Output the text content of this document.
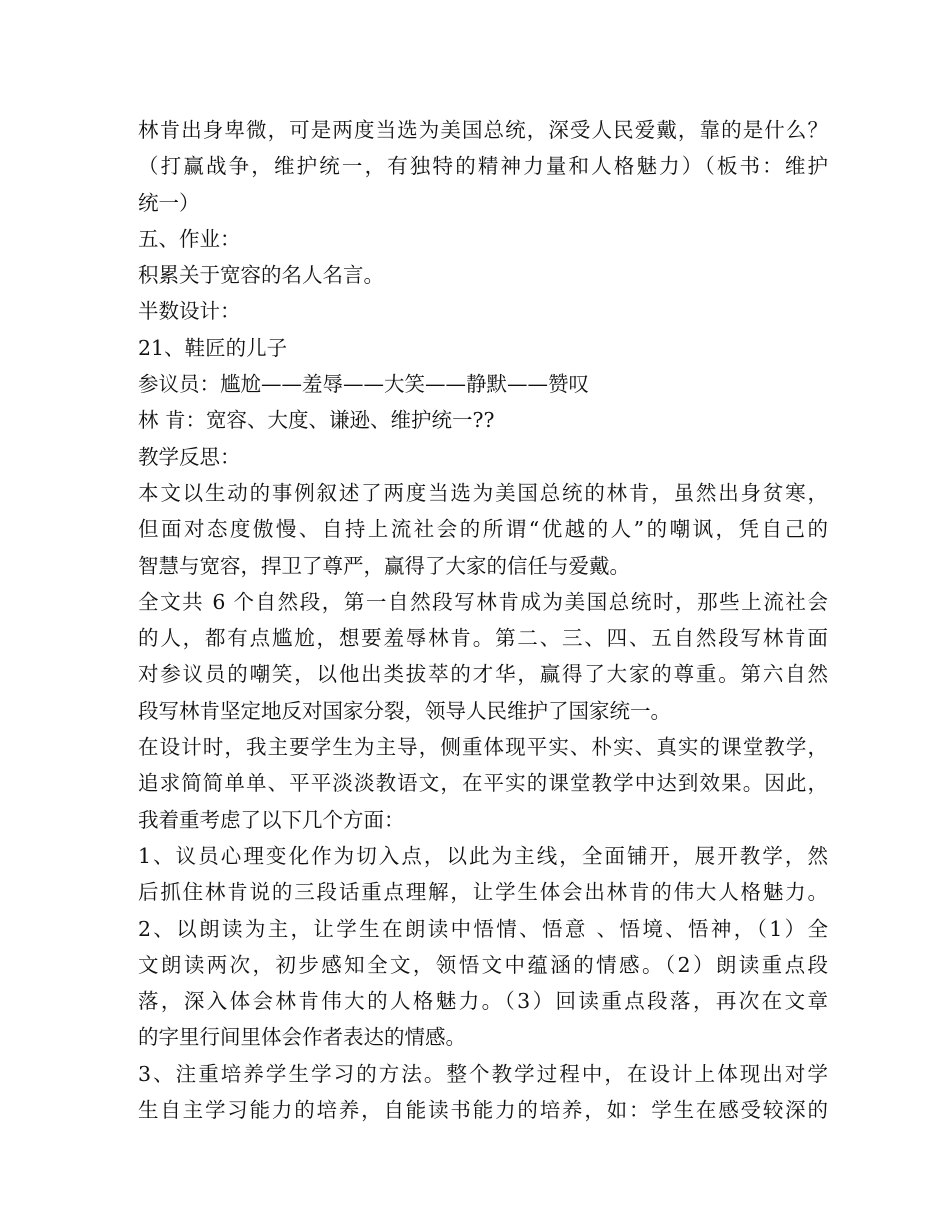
林肯出身卑微，可是两度当选为美国总统，深受人民爱戴，靠的是什么？
（打赢战争，维护统一，有独特的精神力量和人格魅力）（板书：维护
统一）
五、作业：
积累关于宽容的名人名言。
半数设计：
21、鞋匠的儿子
参议员：尴尬——羞辱——大笑——静默——赞叹
林 肯：宽容、大度、谦逊、维护统一??
教学反思：
本文以生动的事例叙述了两度当选为美国总统的林肯，虽然出身贫寒，
但面对态度傲慢、自持上流社会的所谓“优越的人”的嘲讽，凭自己的
智慧与宽容，捍卫了尊严，赢得了大家的信任与爱戴。
全文共 6 个自然段，第一自然段写林肯成为美国总统时，那些上流社会
的人，都有点尴尬，想要羞辱林肯。第二、三、四、五自然段写林肯面
对参议员的嘲笑，以他出类拔萃的才华，赢得了大家的尊重。第六自然
段写林肯坚定地反对国家分裂，领导人民维护了国家统一。
在设计时，我主要学生为主导，侧重体现平实、朴实、真实的课堂教学，
追求简简单单、平平淡淡教语文，在平实的课堂教学中达到效果。因此，
我着重考虑了以下几个方面：
1、议员心理变化作为切入点，以此为主线，全面铺开，展开教学，然
后抓住林肯说的三段话重点理解，让学生体会出林肯的伟大人格魅力。
2、以朗读为主，让学生在朗读中悟情、悟意 、悟境、悟神，（1）全
文朗读两次，初步感知全文，领悟文中蕴涵的情感。（2）朗读重点段
落，深入体会林肯伟大的人格魅力。（3）回读重点段落，再次在文章
的字里行间里体会作者表达的情感。
3、注重培养学生学习的方法。整个教学过程中，在设计上体现出对学
生自主学习能力的培养，自能读书能力的培养，如：学生在感受较深的
